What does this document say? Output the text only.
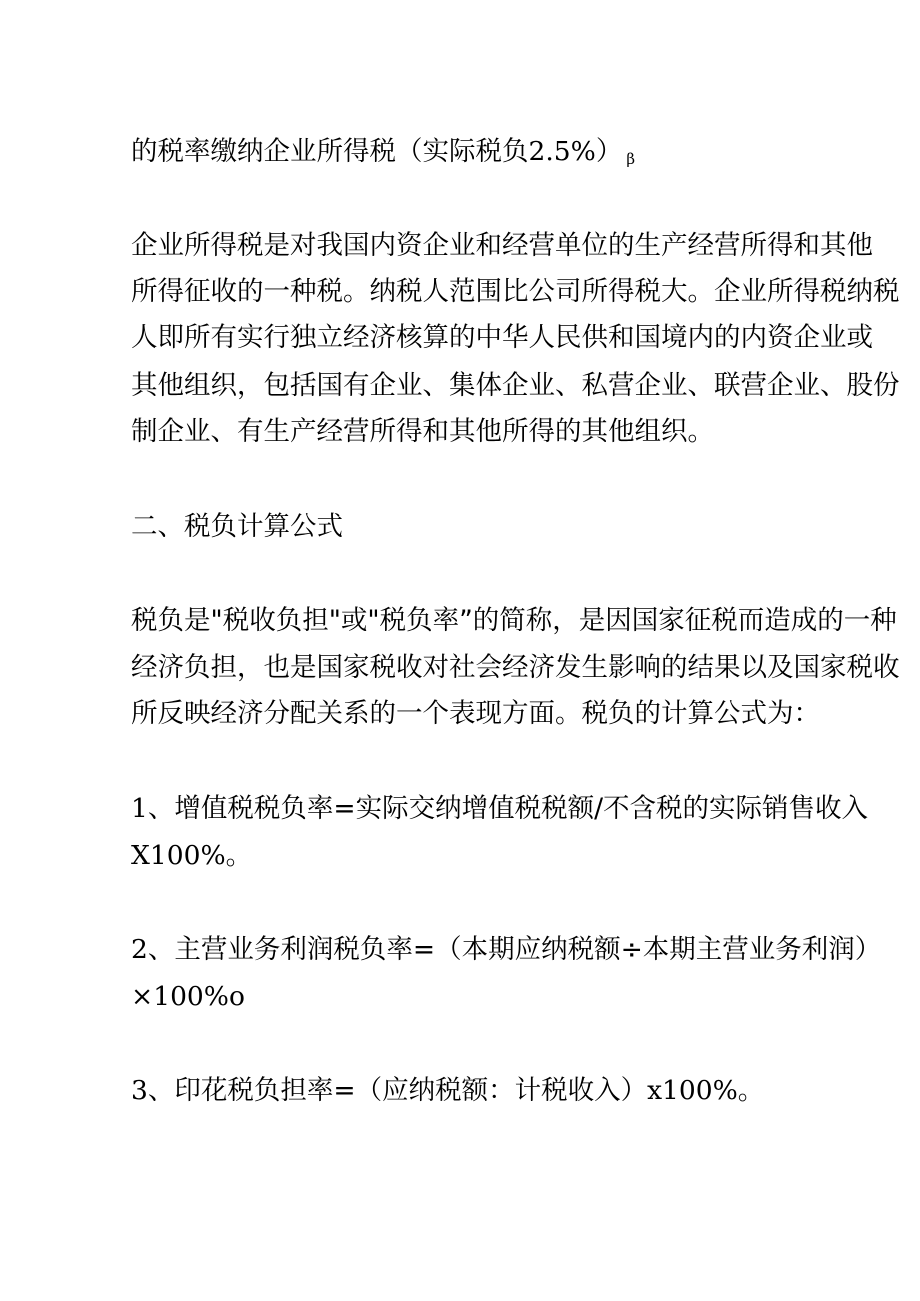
的税率缴纳企业所得税（实际税负2.5%） β
企业所得税是对我国内资企业和经营单位的生产经营所得和其他
所得征收的一种税。纳税人范围比公司所得税大。企业所得税纳税
人即所有实行独立经济核算的中华人民供和国境内的内资企业或
其他组织，包括国有企业、集体企业、私营企业、联营企业、股份
制企业、有生产经营所得和其他所得的其他组织。
二、税负计算公式
税负是"税收负担"或"税负率”的简称，是因国家征税而造成的一种
经济负担，也是国家税收对社会经济发生影响的结果以及国家税收
所反映经济分配关系的一个表现方面。税负的计算公式为：
1、增值税税负率=实际交纳增值税税额/不含税的实际销售收入
X100%。
2、主营业务利润税负率=（本期应纳税额÷本期主营业务利润）
×100%o
3、印花税负担率=（应纳税额：计税收入）x100%。
